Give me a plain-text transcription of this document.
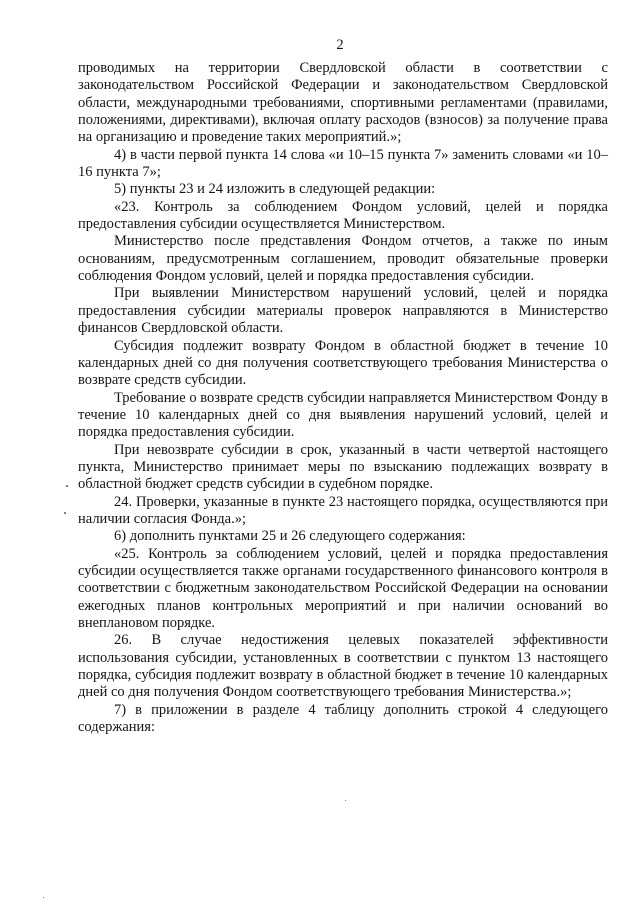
2

проводимых на территории Свердловской области в соответствии с законодательством Российской Федерации и законодательством Свердловской области, международными требованиями, спортивными регламентами (правилами, положениями, директивами), включая оплату расходов (взносов) за получение права на организацию и проведение таких мероприятий.»;

4) в части первой пункта 14 слова «и 10–15 пункта 7» заменить словами «и 10–16 пункта 7»;

5) пункты 23 и 24 изложить в следующей редакции:

«23. Контроль за соблюдением Фондом условий, целей и порядка предоставления субсидии осуществляется Министерством.

Министерство после представления Фондом отчетов, а также по иным основаниям, предусмотренным соглашением, проводит обязательные проверки соблюдения Фондом условий, целей и порядка предоставления субсидии.

При выявлении Министерством нарушений условий, целей и порядка предоставления субсидии материалы проверок направляются в Министерство финансов Свердловской области.

Субсидия подлежит возврату Фондом в областной бюджет в течение 10 календарных дней со дня получения соответствующего требования Министерства о возврате средств субсидии.

Требование о возврате средств субсидии направляется Министерством Фонду в течение 10 календарных дней со дня выявления нарушений условий, целей и порядка предоставления субсидии.

При невозврате субсидии в срок, указанный в части четвертой настоящего пункта, Министерство принимает меры по взысканию подлежащих возврату в областной бюджет средств субсидии в судебном порядке.

24. Проверки, указанные в пункте 23 настоящего порядка, осуществляются при наличии согласия Фонда.»;

6) дополнить пунктами 25 и 26 следующего содержания:

«25. Контроль за соблюдением условий, целей и порядка предоставления субсидии осуществляется также органами государственного финансового контроля в соответствии с бюджетным законодательством Российской Федерации на основании ежегодных планов контрольных мероприятий и при наличии оснований во внеплановом порядке.

26. В случае недостижения целевых показателей эффективности использования субсидии, установленных в соответствии с пунктом 13 настоящего порядка, субсидия подлежит возврату в областной бюджет в течение 10 календарных дней со дня получения Фондом соответствующего требования Министерства.»;

7) в приложении в разделе 4 таблицу дополнить строкой 4 следующего содержания:
